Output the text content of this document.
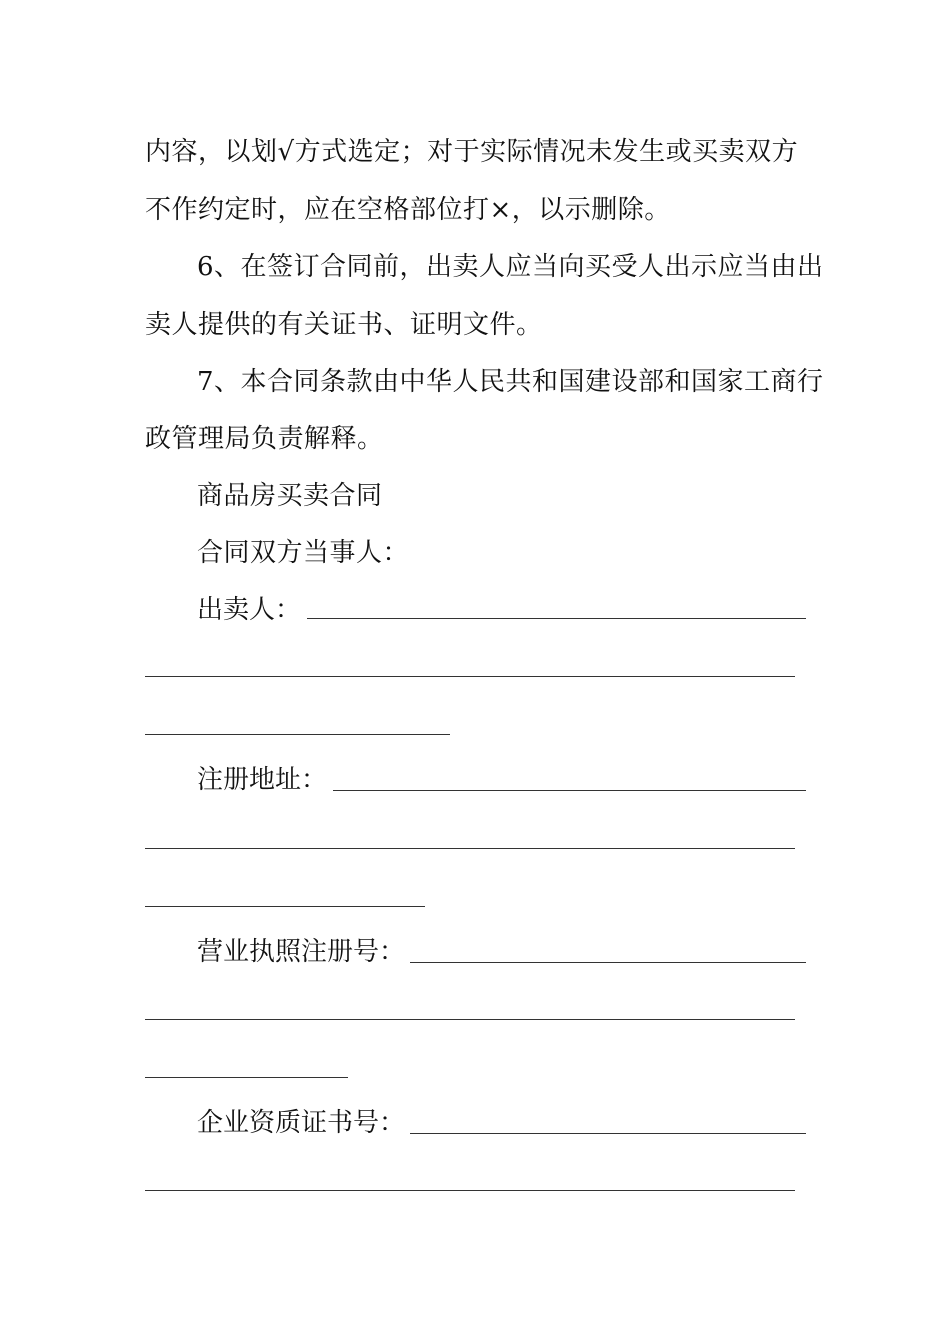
内容，以划√方式选定；对于实际情况未发生或买卖双方
不作约定时，应在空格部位打×，以示删除。
6、在签订合同前，出卖人应当向买受人出示应当由出
卖人提供的有关证书、证明文件。
7、本合同条款由中华人民共和国建设部和国家工商行
政管理局负责解释。
商品房买卖合同
合同双方当事人：
出卖人：
注册地址：
营业执照注册号：
企业资质证书号：
